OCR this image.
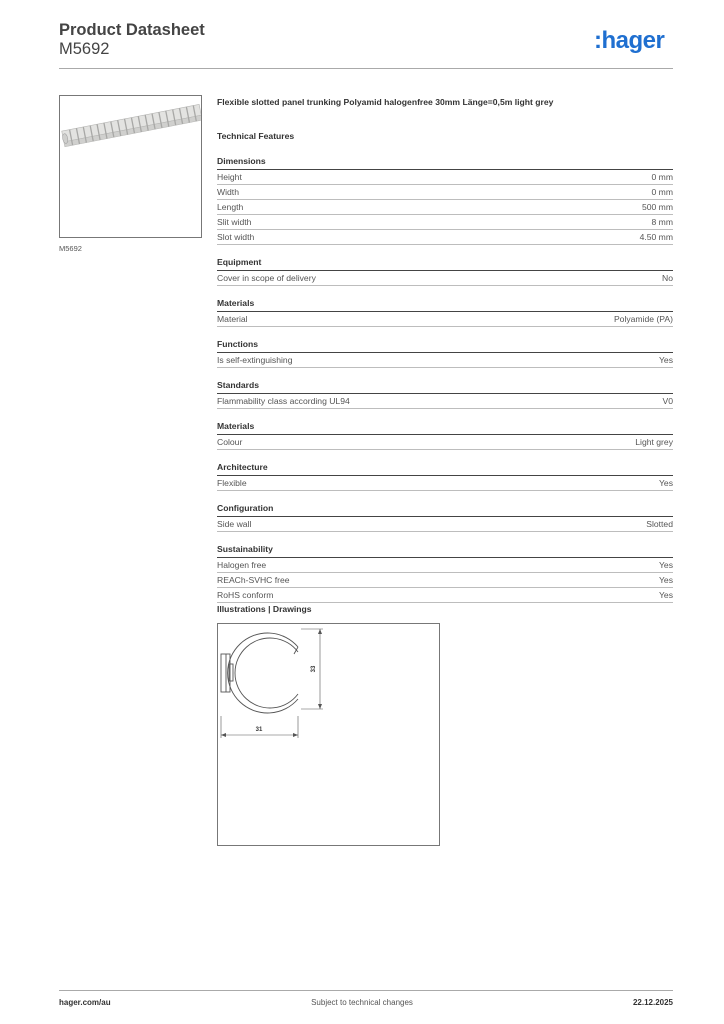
Product Datasheet
M5692	:hager
M5692
Flexible slotted panel trunking Polyamid halogenfree 30mm Länge=0,5m light grey
Technical Features
Dimensions
Height	0 mm
Width	0 mm
Length	500 mm
Slit width	8 mm
Slot width	4.50 mm
Equipment
Cover in scope of delivery	No
Materials
Material	Polyamide (PA)
Functions
Is self-extinguishing	Yes
Standards
Flammability class according UL94	V0
Materials
Colour	Light grey
Architecture
Flexible	Yes
Configuration
Side wall	Slotted
Sustainability
Halogen free	Yes
REACh-SVHC free	Yes
RoHS conform	Yes
Illustrations | Drawings
33
31
hager.com/au	Subject to technical changes	22.12.2025
